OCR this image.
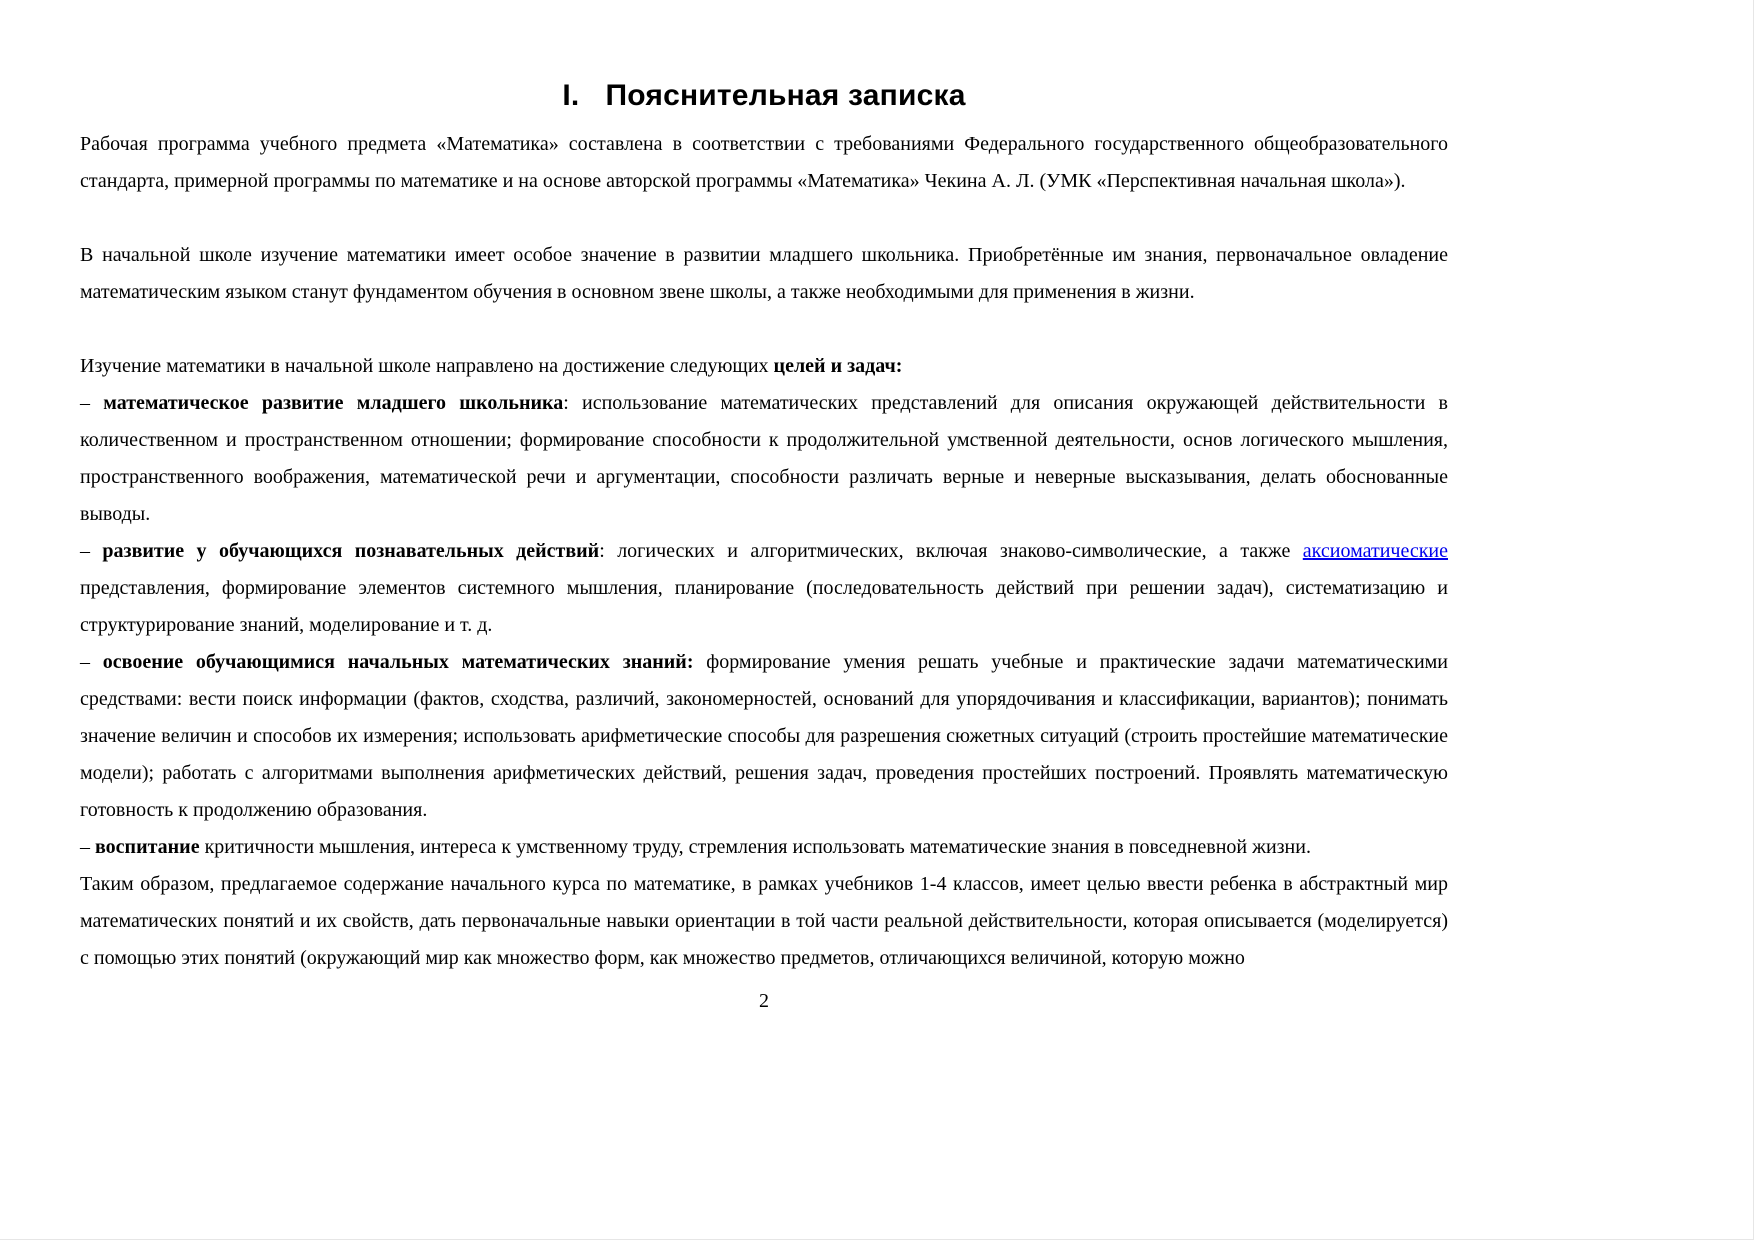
I. Пояснительная записка

Рабочая программа учебного предмета «Математика» составлена в соответствии с требованиями Федерального государственного общеобразовательного стандарта, примерной программы по математике и на основе авторской программы «Математика» Чекина А. Л. (УМК «Перспективная начальная школа»).

В начальной школе изучение математики имеет особое значение в развитии младшего школьника. Приобретённые им знания, первоначальное овладение математическим языком станут фундаментом обучения в основном звене школы, а также необходимыми для применения в жизни.

Изучение математики в начальной школе направлено на достижение следующих целей и задач:

– математическое развитие младшего школьника: использование математических представлений для описания окружающей действительности в количественном и пространственном отношении; формирование способности к продолжительной умственной деятельности, основ логического мышления, пространственного воображения, математической речи и аргументации, способности различать верные и неверные высказывания, делать обоснованные выводы.

– развитие у обучающихся познавательных действий: логических и алгоритмических, включая знаково-символические, а также аксиоматические представления, формирование элементов системного мышления, планирование (последовательность действий при решении задач), систематизацию и структурирование знаний, моделирование и т. д.

– освоение обучающимися начальных математических знаний: формирование умения решать учебные и практические задачи математическими средствами: вести поиск информации (фактов, сходства, различий, закономерностей, оснований для упорядочивания и классификации, вариантов); понимать значение величин и способов их измерения; использовать арифметические способы для разрешения сюжетных ситуаций (строить простейшие математические модели); работать с алгоритмами выполнения арифметических действий, решения задач, проведения простейших построений. Проявлять математическую готовность к продолжению образования.

– воспитание критичности мышления, интереса к умственному труду, стремления использовать математические знания в повседневной жизни.

Таким образом, предлагаемое содержание начального курса по математике, в рамках учебников 1-4 классов, имеет целью ввести ребенка в абстрактный мир математических понятий и их свойств, дать первоначальные навыки ориентации в той части реальной действительности, которая описывается (моделируется) с помощью этих понятий (окружающий мир как множество форм, как множество предметов, отличающихся величиной, которую можно

2
